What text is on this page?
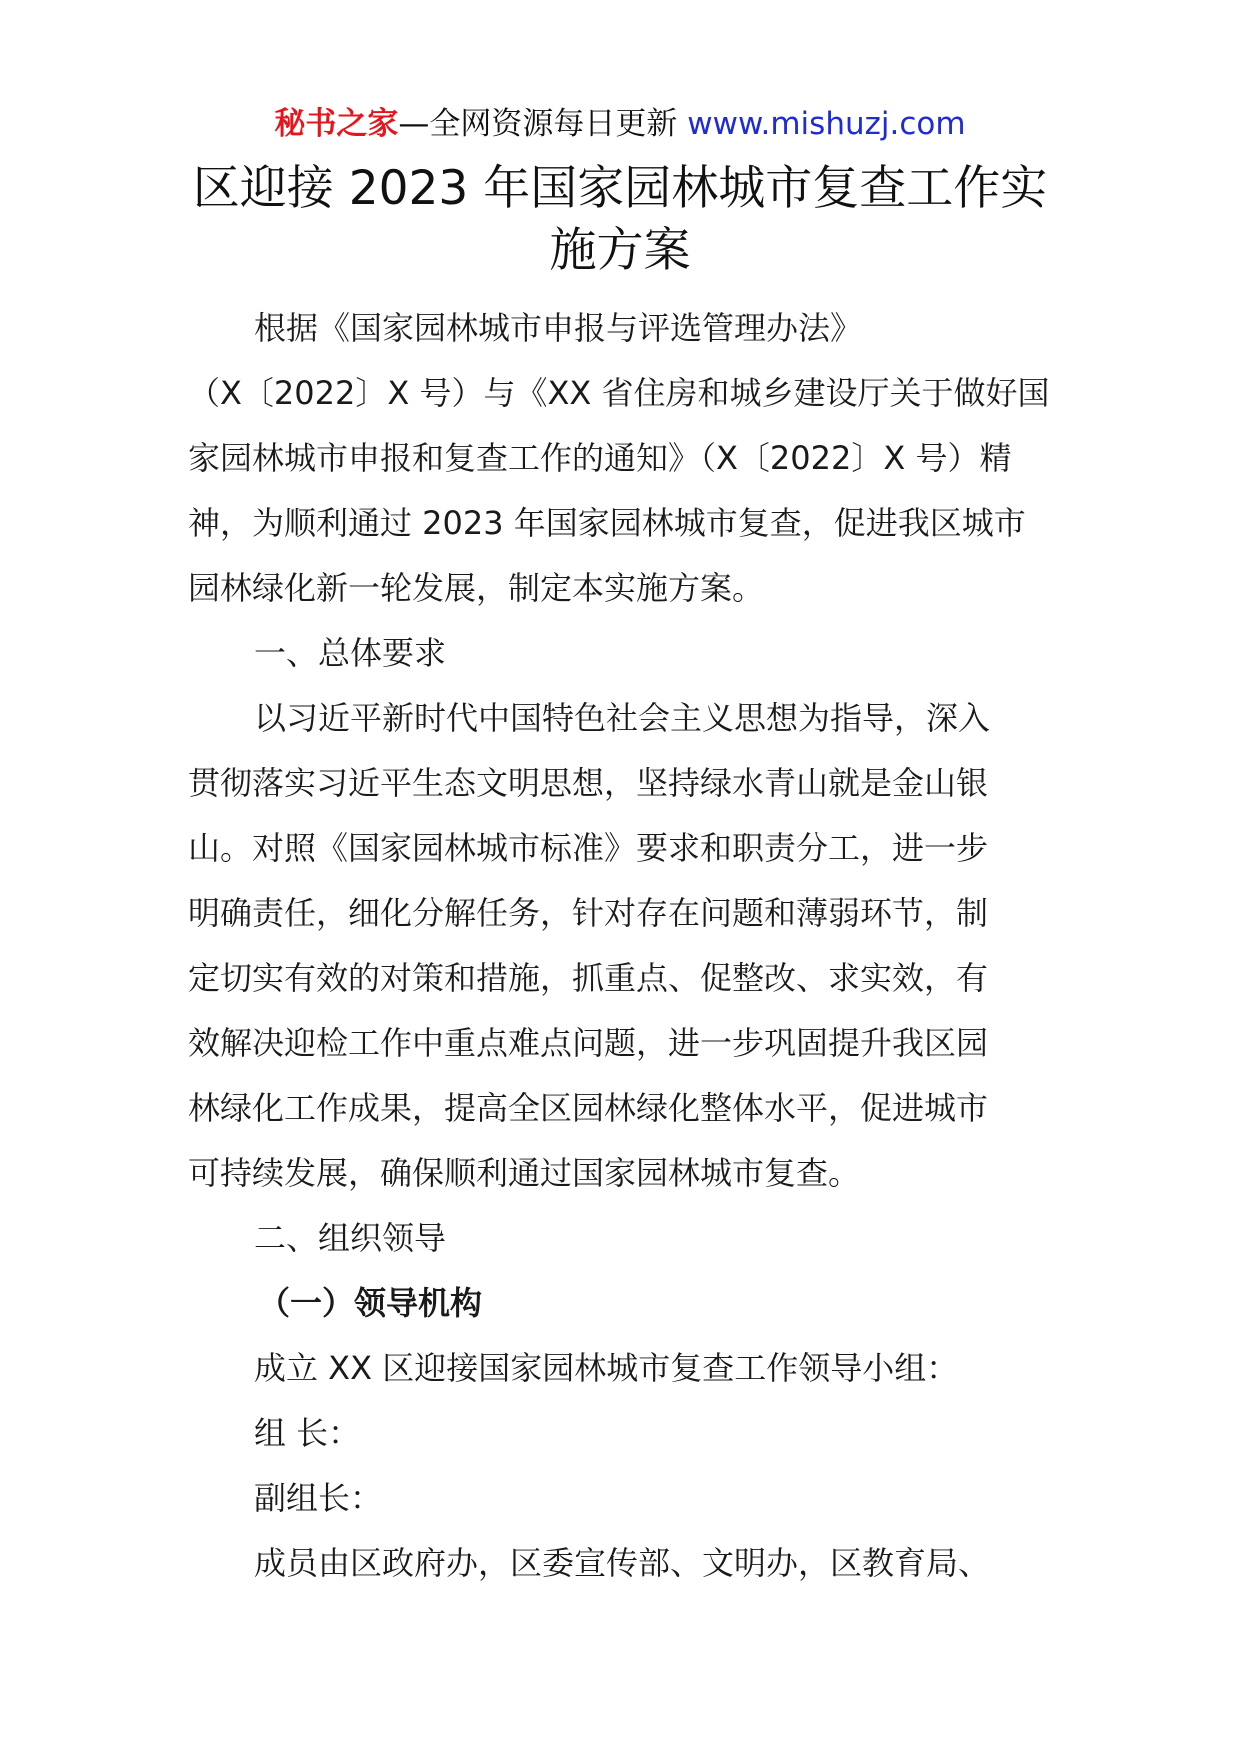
秘书之家—全网资源每日更新 www.mishuzj.com
区迎接 2023 年国家园林城市复查工作实
施方案
根据《国家园林城市申报与评选管理办法》
（X〔2022〕X 号）与《XX 省住房和城乡建设厅关于做好国
家园林城市申报和复查工作的通知》（X〔2022〕X 号）精
神，为顺利通过 2023 年国家园林城市复查，促进我区城市
园林绿化新一轮发展，制定本实施方案。
一、总体要求
以习近平新时代中国特色社会主义思想为指导，深入
贯彻落实习近平生态文明思想，坚持绿水青山就是金山银
山。对照《国家园林城市标准》要求和职责分工，进一步
明确责任，细化分解任务，针对存在问题和薄弱环节，制
定切实有效的对策和措施，抓重点、促整改、求实效，有
效解决迎检工作中重点难点问题，进一步巩固提升我区园
林绿化工作成果，提高全区园林绿化整体水平，促进城市
可持续发展，确保顺利通过国家园林城市复查。
二、组织领导
（一）领导机构
成立 XX 区迎接国家园林城市复查工作领导小组：
组 长：
副组长：
成员由区政府办，区委宣传部、文明办，区教育局、
